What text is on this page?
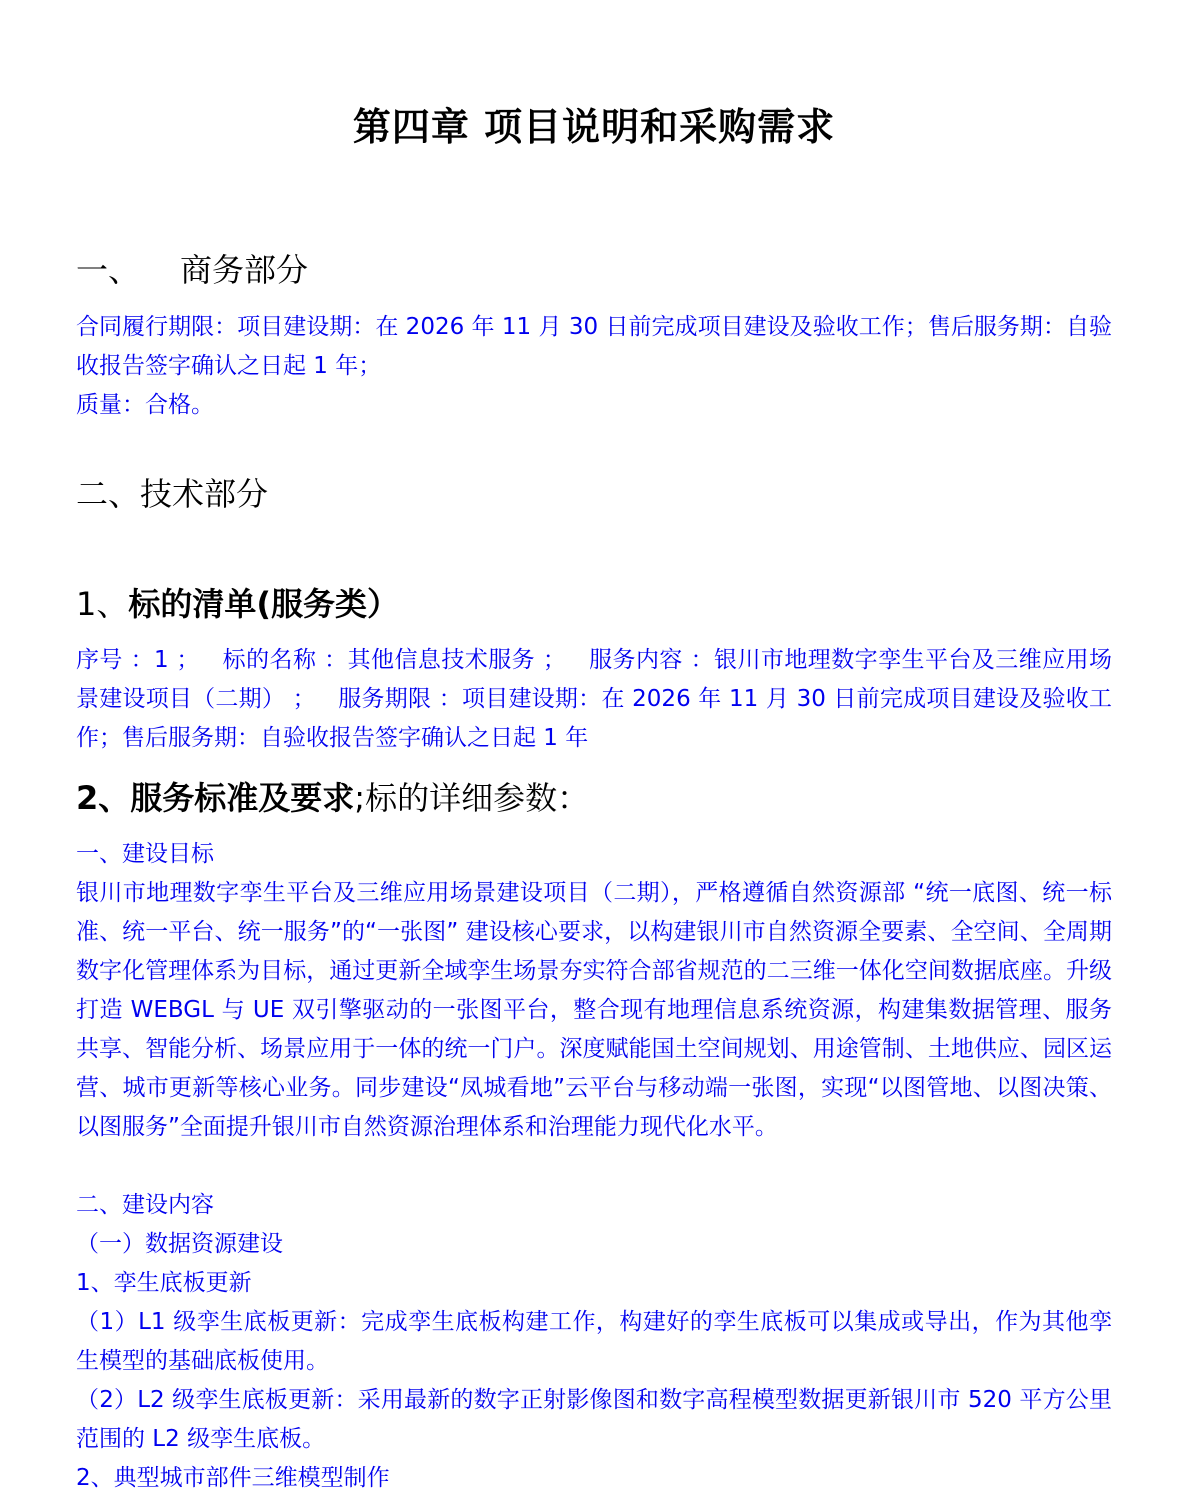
第四章 项目说明和采购需求
一、 商务部分

合同履行期限：项目建设期：在 2026 年 11 月 30 日前完成项目建设及验收工作；售后服务期：自验收报告签字确认之日起 1 年；

质量：合格。
二、技术部分
1、标的清单(服务类）

序号 ：1 ；   标的名称 ：其他信息技术服务 ；   服务内容 ：银川市地理数字孪生平台及三维应用场景建设项目（二期） ；   服务期限 ：项目建设期：在 2026 年 11 月 30 日前完成项目建设及验收工作；售后服务期：自验收报告签字确认之日起 1 年

2、服务标准及要求;标的详细参数：
一、建设目标

银川市地理数字孪生平台及三维应用场景建设项目（二期），严格遵循自然资源部 “统一底图、统一标准、统一平台、统一服务”的“一张图” 建设核心要求，以构建银川市自然资源全要素、全空间、全周期数字化管理体系为目标，通过更新全域孪生场景夯实符合部省规范的二三维一体化空间数据底座。升级打造 WEBGL 与 UE 双引擎驱动的一张图平台，整合现有地理信息系统资源，构建集数据管理、服务共享、智能分析、场景应用于一体的统一门户。深度赋能国土空间规划、用途管制、土地供应、园区运营、城市更新等核心业务。同步建设“凤城看地”云平台与移动端一张图，实现“以图管地、以图决策、以图服务”全面提升银川市自然资源治理体系和治理能力现代化水平。

二、建设内容
（一）数据资源建设
1、孪生底板更新

（1）L1 级孪生底板更新：完成孪生底板构建工作，构建好的孪生底板可以集成或导出，作为其他孪生模型的基础底板使用。

（2）L2 级孪生底板更新：采用最新的数字正射影像图和数字高程模型数据更新银川市 520 平方公里范围的 L2 级孪生底板。

2、典型城市部件三维模型制作
